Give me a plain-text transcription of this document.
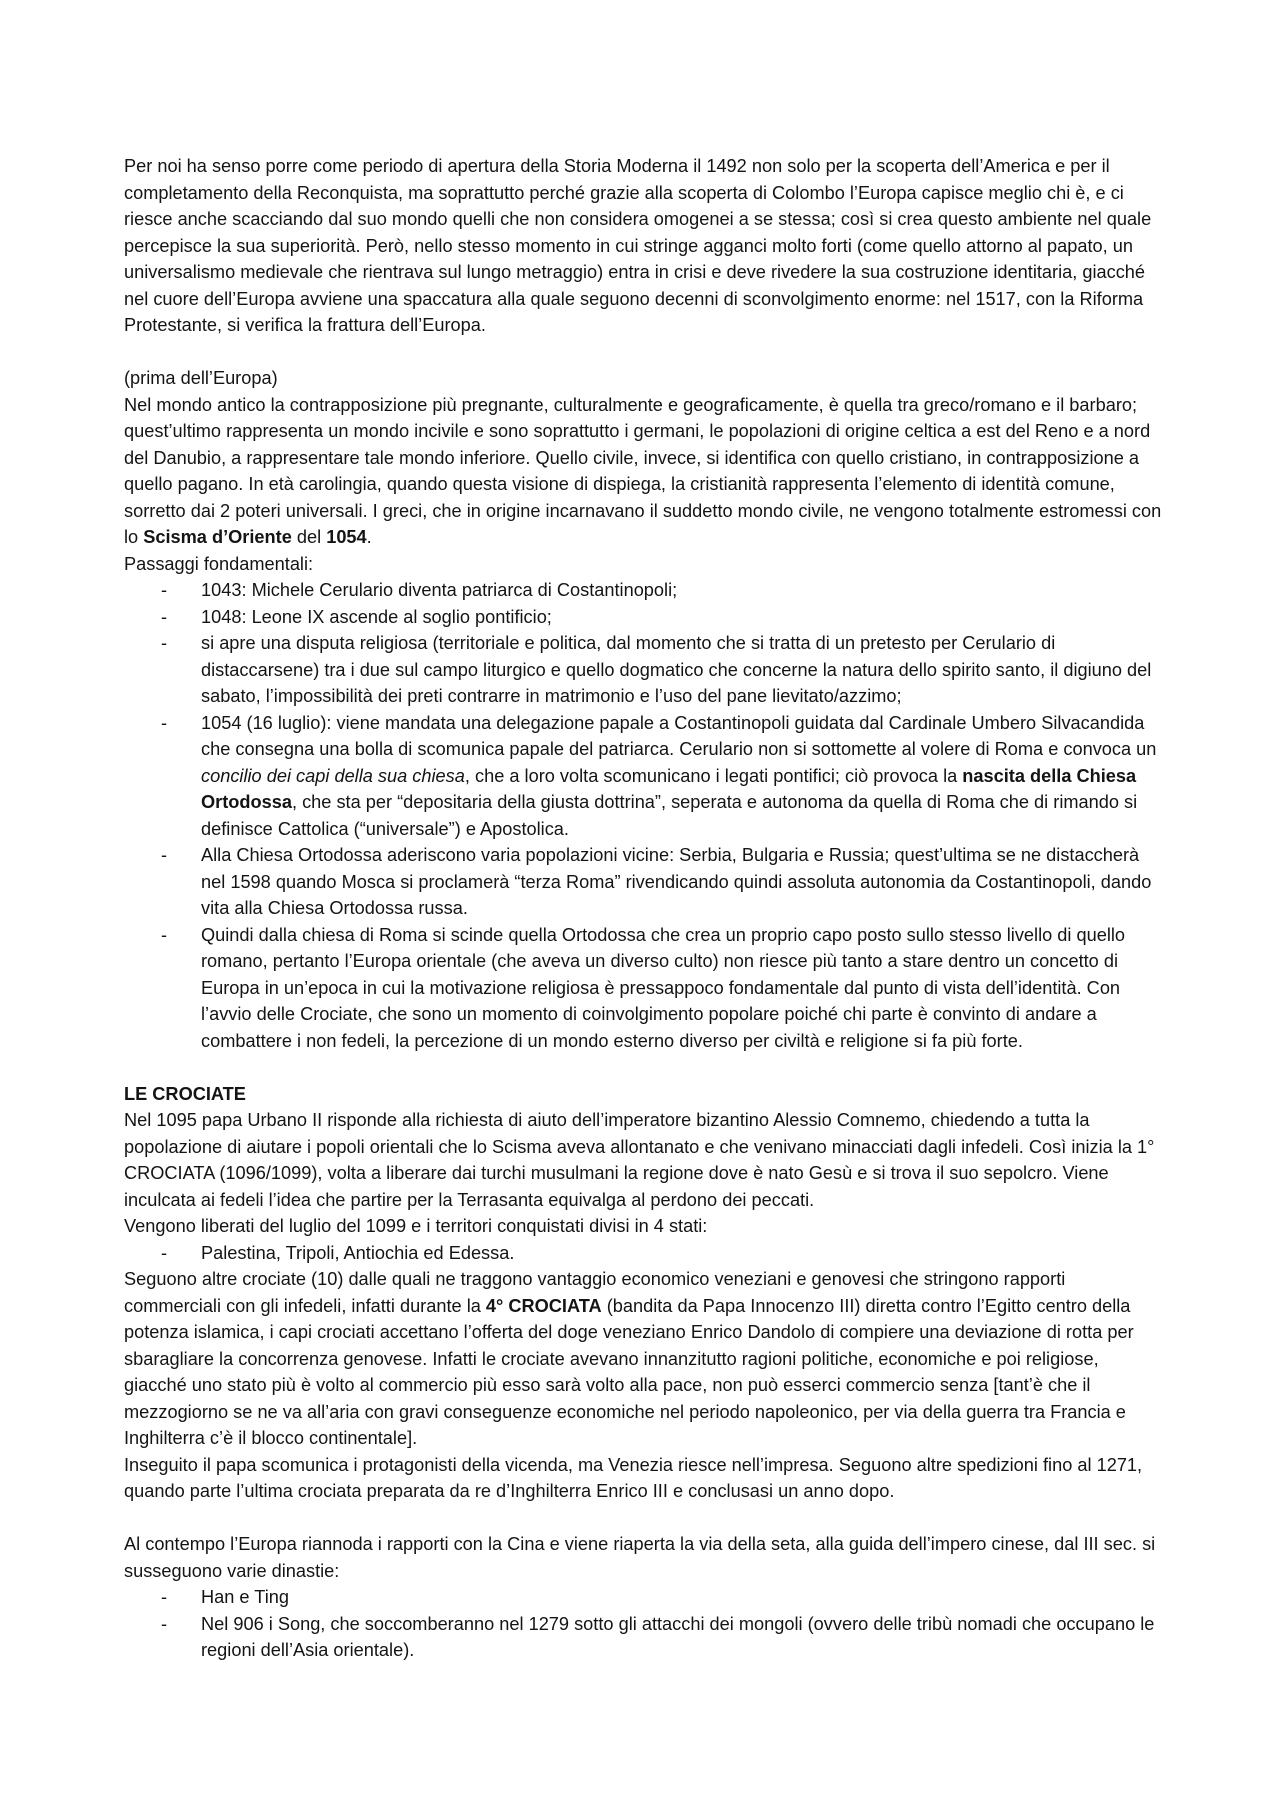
Per noi ha senso porre come periodo di apertura della Storia Moderna il 1492 non solo per la scoperta dell’America e per il completamento della Reconquista, ma soprattutto perché grazie alla scoperta di Colombo l’Europa capisce meglio chi è, e ci riesce anche scacciando dal suo mondo quelli che non considera omogenei a se stessa; così si crea questo ambiente nel quale percepisce la sua superiorità. Però, nello stesso momento in cui stringe agganci molto forti (come quello attorno al papato, un universalismo medievale che rientrava sul lungo metraggio) entra in crisi e deve rivedere la sua costruzione identitaria, giacché nel cuore dell’Europa avviene una spaccatura alla quale seguono decenni di sconvolgimento enorme: nel 1517, con la Riforma Protestante, si verifica la frattura dell’Europa.

(prima dell’Europa)

Nel mondo antico la contrapposizione più pregnante, culturalmente e geograficamente, è quella tra greco/romano e il barbaro; quest’ultimo rappresenta un mondo incivile e sono soprattutto i germani, le popolazioni di origine celtica a est del Reno e a nord del Danubio, a rappresentare tale mondo inferiore. Quello civile, invece, si identifica con quello cristiano, in contrapposizione a quello pagano. In età carolingia, quando questa visione di dispiega, la cristianità rappresenta l’elemento di identità comune, sorretto dai 2 poteri universali. I greci, che in origine incarnavano il suddetto mondo civile, ne vengono totalmente estromessi con lo Scisma d’Oriente del 1054.

Passaggi fondamentali:

- 1043: Michele Cerulario diventa patriarca di Costantinopoli;
- 1048: Leone IX ascende al soglio pontificio;
- si apre una disputa religiosa (territoriale e politica, dal momento che si tratta di un pretesto per Cerulario di distaccarsene) tra i due sul campo liturgico e quello dogmatico che concerne la natura dello spirito santo, il digiuno del sabato, l’impossibilità dei preti contrarre in matrimonio e l’uso del pane lievitato/azzimo;
- 1054 (16 luglio): viene mandata una delegazione papale a Costantinopoli guidata dal Cardinale Umbero Silvacandida che consegna una bolla di scomunica papale del patriarca. Cerulario non si sottomette al volere di Roma e convoca un concilio dei capi della sua chiesa, che a loro volta scomunicano i legati pontifici; ciò provoca la nascita della Chiesa Ortodossa, che sta per “depositaria della giusta dottrina”, seperata e autonoma da quella di Roma che di rimando si definisce Cattolica (“universale”) e Apostolica.
- Alla Chiesa Ortodossa aderiscono varia popolazioni vicine: Serbia, Bulgaria e Russia; quest’ultima se ne distaccherà nel 1598 quando Mosca si proclamerà “terza Roma” rivendicando quindi assoluta autonomia da Costantinopoli, dando vita alla Chiesa Ortodossa russa.
- Quindi dalla chiesa di Roma si scinde quella Ortodossa che crea un proprio capo posto sullo stesso livello di quello romano, pertanto l’Europa orientale (che aveva un diverso culto) non riesce più tanto a stare dentro un concetto di Europa in un’epoca in cui la motivazione religiosa è pressappoco fondamentale dal punto di vista dell’identità. Con l’avvio delle Crociate, che sono un momento di coinvolgimento popolare poiché chi parte è convinto di andare a combattere i non fedeli, la percezione di un mondo esterno diverso per civiltà e religione si fa più forte.

LE CROCIATE

Nel 1095 papa Urbano II risponde alla richiesta di aiuto dell’imperatore bizantino Alessio Comnemo, chiedendo a tutta la popolazione di aiutare i popoli orientali che lo Scisma aveva allontanato e che venivano minacciati dagli infedeli. Così inizia la 1° CROCIATA (1096/1099), volta a liberare dai turchi musulmani la regione dove è nato Gesù e si trova il suo sepolcro. Viene inculcata ai fedeli l’idea che partire per la Terrasanta equivalga al perdono dei peccati.

Vengono liberati del luglio del 1099 e i territori conquistati divisi in 4 stati:

- Palestina, Tripoli, Antiochia ed Edessa.

Seguono altre crociate (10) dalle quali ne traggono vantaggio economico veneziani e genovesi che stringono rapporti commerciali con gli infedeli, infatti durante la 4° CROCIATA (bandita da Papa Innocenzo III) diretta contro l’Egitto centro della potenza islamica, i capi crociati accettano l’offerta del doge veneziano Enrico Dandolo di compiere una deviazione di rotta per sbaragliare la concorrenza genovese. Infatti le crociate avevano innanzitutto ragioni politiche, economiche e poi religiose, giacché uno stato più è volto al commercio più esso sarà volto alla pace, non può esserci commercio senza [tant’è che il mezzogiorno se ne va all’aria con gravi conseguenze economiche nel periodo napoleonico, per via della guerra tra Francia e Inghilterra c’è il blocco continentale].

Inseguito il papa scomunica i protagonisti della vicenda, ma Venezia riesce nell’impresa. Seguono altre spedizioni fino al 1271, quando parte l’ultima crociata preparata da re d’Inghilterra Enrico III e conclusasi un anno dopo.

Al contempo l’Europa riannoda i rapporti con la Cina e viene riaperta la via della seta, alla guida dell’impero cinese, dal III sec. si susseguono varie dinastie:

- Han e Ting
- Nel 906 i Song, che soccomberanno nel 1279 sotto gli attacchi dei mongoli (ovvero delle tribù nomadi che occupano le regioni dell’Asia orientale).
